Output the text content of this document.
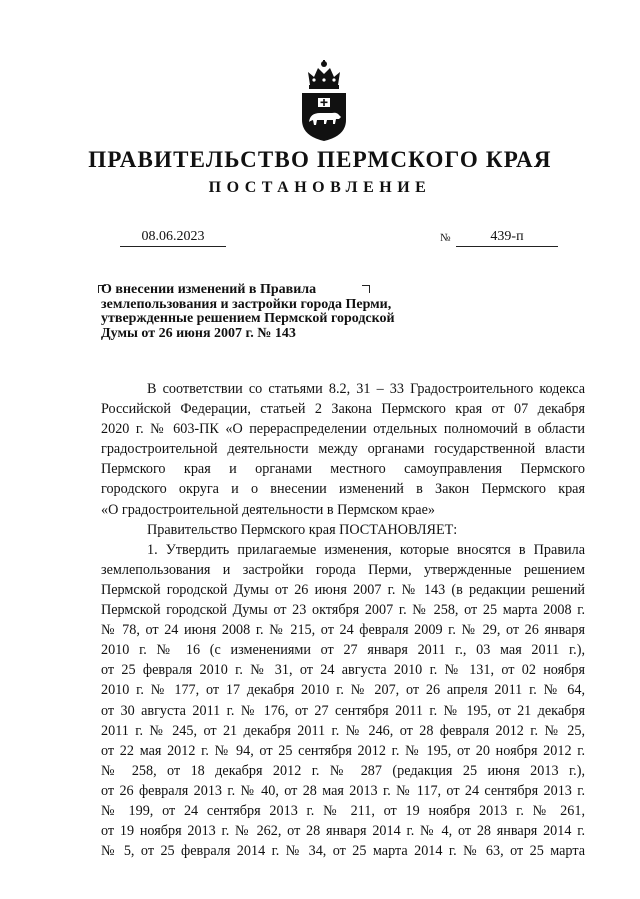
ПРАВИТЕЛЬСТВО ПЕРМСКОГО КРАЯ
ПОСТАНОВЛЕНИЕ
08.06.2023	№	439-п
О внесении изменений в Правила
землепользования и застройки города Перми,
утвержденные решением Пермской городской
Думы от 26 июня 2007 г. № 143
В соответствии со статьями 8.2, 31 – 33 Градостроительного кодекса
Российской Федерации, статьей 2 Закона Пермского края от 07 декабря
2020 г. № 603-ПК «О перераспределении отдельных полномочий в области
градостроительной деятельности между органами государственной власти
Пермского края и органами местного самоуправления Пермского
городского округа и о внесении изменений в Закон Пермского края
«О градостроительной деятельности в Пермском крае»
Правительство Пермского края ПОСТАНОВЛЯЕТ:
1. Утвердить прилагаемые изменения, которые вносятся в Правила
землепользования и застройки города Перми, утвержденные решением
Пермской городской Думы от 26 июня 2007 г. № 143 (в редакции решений
Пермской городской Думы от 23 октября 2007 г. № 258, от 25 марта 2008 г.
№ 78, от 24 июня 2008 г. № 215, от 24 февраля 2009 г. № 29, от 26 января
2010 г. № 16 (с изменениями от 27 января 2011 г., 03 мая 2011 г.),
от 25 февраля 2010 г. № 31, от 24 августа 2010 г. № 131, от 02 ноября
2010 г. № 177, от 17 декабря 2010 г. № 207, от 26 апреля 2011 г. № 64,
от 30 августа 2011 г. № 176, от 27 сентября 2011 г. № 195, от 21 декабря
2011 г. № 245, от 21 декабря 2011 г. № 246, от 28 февраля 2012 г. № 25,
от 22 мая 2012 г. № 94, от 25 сентября 2012 г. № 195, от 20 ноября 2012 г.
№ 258, от 18 декабря 2012 г. № 287 (редакция 25 июня 2013 г.),
от 26 февраля 2013 г. № 40, от 28 мая 2013 г. № 117, от 24 сентября 2013 г.
№ 199, от 24 сентября 2013 г. № 211, от 19 ноября 2013 г. № 261,
от 19 ноября 2013 г. № 262, от 28 января 2014 г. № 4, от 28 января 2014 г.
№ 5, от 25 февраля 2014 г. № 34, от 25 марта 2014 г. № 63, от 25 марта
